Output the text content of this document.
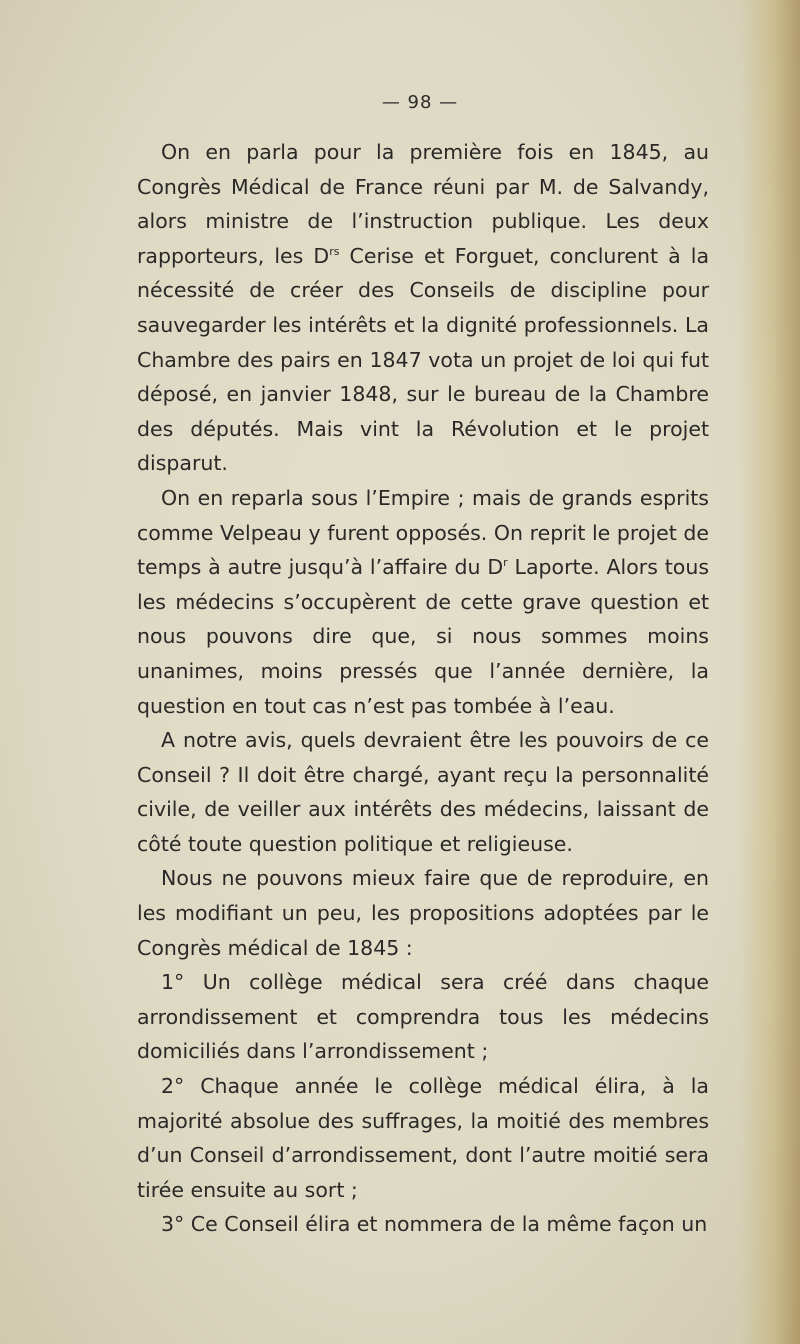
— 98 —

On en parla pour la première fois en 1845, au Congrès Médical de France réuni par M. de Salvandy, alors ministre de l’instruction publique. Les deux rapporteurs, les $D^{rs}$ Cerise et Forguet, conclurent à la nécessité de créer des Conseils de discipline pour sauvegarder les intérêts et la dignité professionnels. La Chambre des pairs en 1847 vota un projet de loi qui fut déposé, en janvier 1848, sur le bureau de la Chambre des députés. Mais vint la Révolution et le projet disparut.

On en reparla sous l’Empire ; mais de grands esprits comme Velpeau y furent opposés. On reprit le projet de temps à autre jusqu’à l’affaire du $D^r$ Laporte. Alors tous les médecins s’occupèrent de cette grave question et nous pouvons dire que, si nous sommes moins unanimes, moins pressés que l’année dernière, la question en tout cas n’est pas tombée à l’eau.

A notre avis, quels devraient être les pouvoirs de ce Conseil ? Il doit être chargé, ayant reçu la personnalité civile, de veiller aux intérêts des médecins, laissant de côté toute question politique et religieuse.

Nous ne pouvons mieux faire que de reproduire, en les modifiant un peu, les propositions adoptées par le Congrès médical de 1845 :

1° Un collège médical sera créé dans chaque arrondissement et comprendra tous les médecins domiciliés dans l’arrondissement ;

2° Chaque année le collège médical élira, à la majorité absolue des suffrages, la moitié des membres d’un Conseil d’arrondissement, dont l’autre moitié sera tirée ensuite au sort ;

3° Ce Conseil élira et nommera de la même façon un
